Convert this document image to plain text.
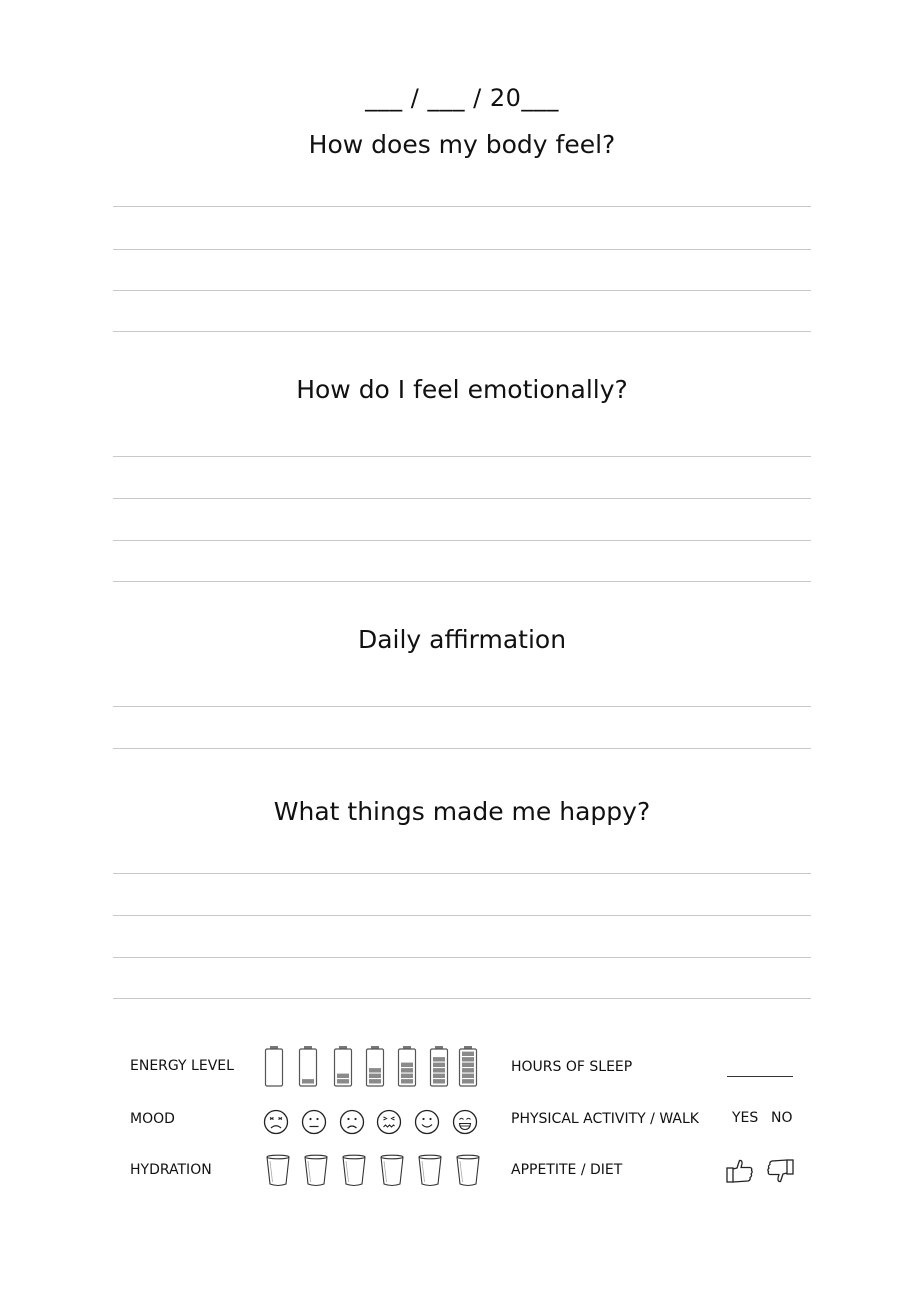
___ / ___ / 20___
How does my body feel?
How do I feel emotionally?
Daily affirmation
What things made me happy?
ENERGY LEVEL
MOOD
HYDRATION
HOURS OF SLEEP
PHYSICAL ACTIVITY / WALK
APPETITE / DIET
YES NO
